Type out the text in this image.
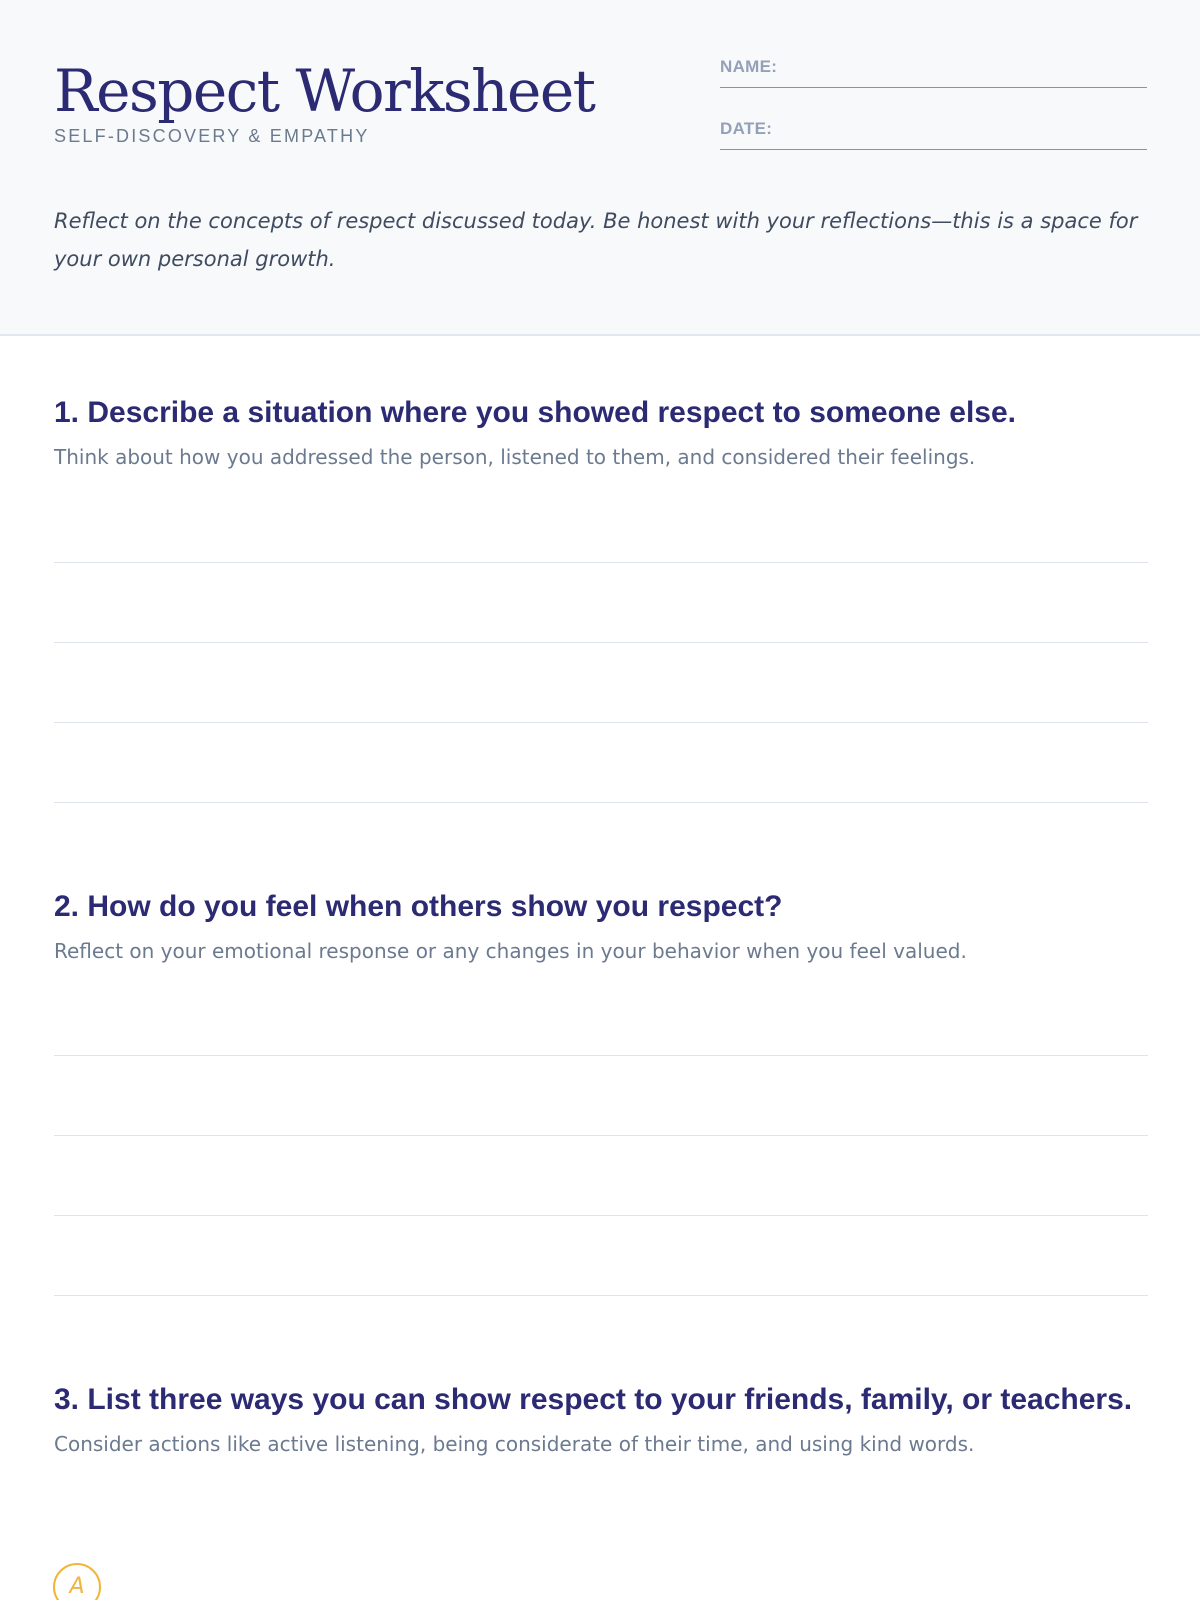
Respect Worksheet
SELF-DISCOVERY & EMPATHY
NAME:
DATE:

Reflect on the concepts of respect discussed today. Be honest with your reflections—this is a space for your own personal growth.

1. Describe a situation where you showed respect to someone else.

Think about how you addressed the person, listened to them, and considered their feelings.

2. How do you feel when others show you respect?

Reflect on your emotional response or any changes in your behavior when you feel valued.

3. List three ways you can show respect to your friends, family, or teachers.

Consider actions like active listening, being considerate of their time, and using kind words.

A
